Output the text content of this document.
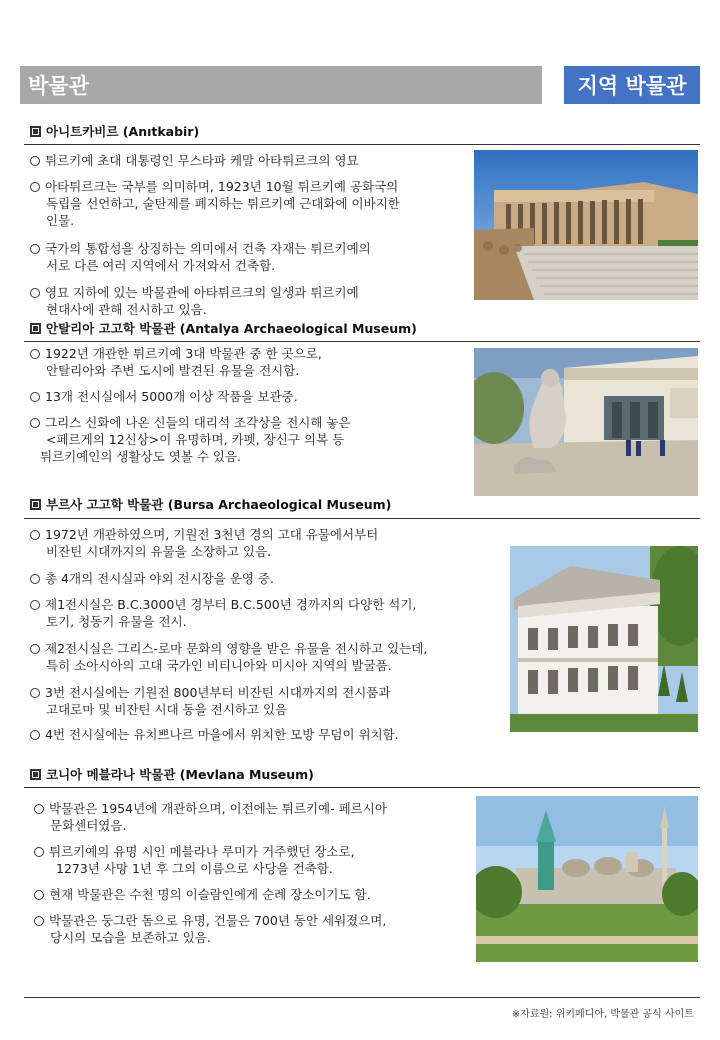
박물관	지역 박물관
아니트카비르 (Anıtkabir)
튀르키예 초대 대통령인 무스타파 케말 아타튀르크의 영묘
아타튀르크는 국부를 의미하며, 1923년 10월 튀르키예 공화국의
독립을 선언하고, 술탄제를 폐지하는 튀르키예 근대화에 이바지한
인물.
국가의 통합성을 상징하는 의미에서 건축 자재는 튀르키예의
서로 다른 여러 지역에서 가져와서 건축함.
영묘 지하에 있는 박물관에 아타튀르크의 일생과 튀르키예
현대사에 관해 전시하고 있음.
안탈리아 고고학 박물관 (Antalya Archaeological Museum)
1922년 개관한 튀르키예 3대 박물관 중 한 곳으로,
안탈리아와 주변 도시에 발견된 유물을 전시함.
13개 전시실에서 5000개 이상 작품을 보관중.
그리스 신화에 나온 신들의 대리석 조각상을 전시해 놓은
<페르게의 12신상>이 유명하며, 카펫, 장신구 의복 등
튀르키예인의 생활상도 엿볼 수 있음.
부르사 고고학 박물관 (Bursa Archaeological Museum)
1972년 개관하였으며, 기원전 3천년 경의 고대 유물에서부터
비잔틴 시대까지의 유물을 소장하고 있음.
총 4개의 전시실과 야외 전시장을 운영 중.
제1전시실은 B.C.3000년 경부터 B.C.500년 경까지의 다양한 석기,
토기, 청동기 유물을 전시.
제2전시실은 그리스-로마 문화의 영향을 받은 유물을 전시하고 있는데,
특히 소아시아의 고대 국가인 비티니아와 미시아 지역의 발굴품.
3번 전시실에는 기원전 800년부터 비잔틴 시대까지의 전시품과
고대로마 및 비잔틴 시대 동을 전시하고 있음
4번 전시실에는 유치쁘나르 마을에서 위치한 모방 무덤이 위치함.
코니아 메블라나 박물관 (Mevlana Museum)
박물관은 1954년에 개관하으며, 이전에는 튀르키예- 페르시아
문화센터였음.
튀르키예의 유명 시인 메블라나 루미가 거주했던 장소로,
1273년 사망 1년 후 그의 이름으로 사당을 건축함.
현재 박물관은 수천 명의 이슬람인에게 순례 장소이기도 함.
박물관은 둥그란 돔으로 유명, 건물은 700년 동안 세워졌으며,
당시의 모습을 보존하고 있음.
※자료원: 위키페디아, 박물관 공식 사이트
